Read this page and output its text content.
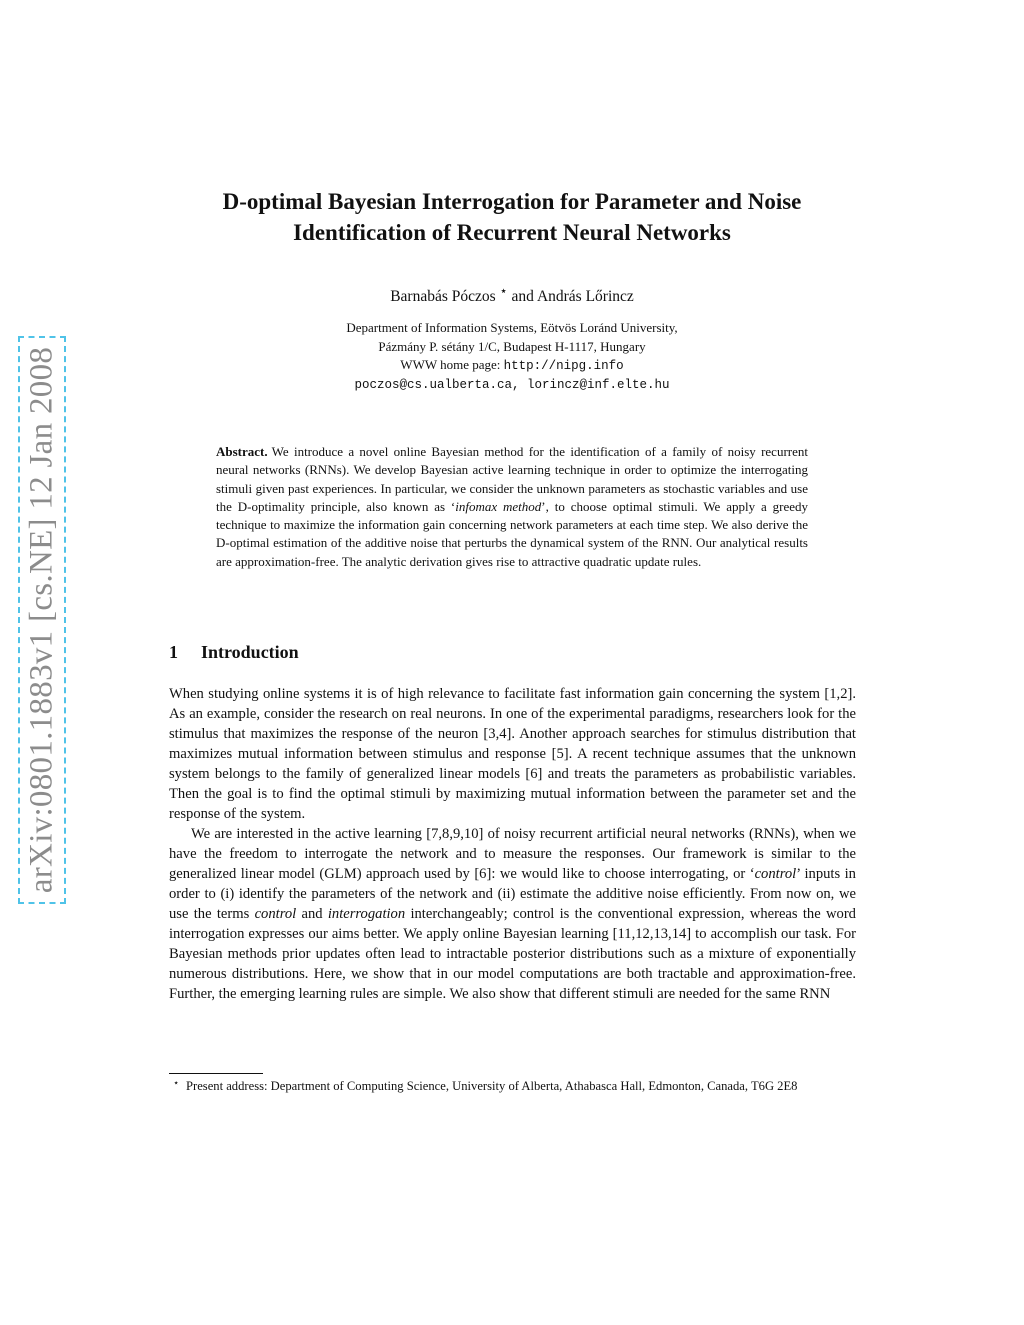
arXiv:0801.1883v1 [cs.NE] 12 Jan 2008
D-optimal Bayesian Interrogation for Parameter and Noise
Identification of Recurrent Neural Networks
Barnabás Póczos ⋆ and András Lőrincz
Department of Information Systems, Eötvös Loránd University,
Pázmány P. sétány 1/C, Budapest H-1117, Hungary
WWW home page: http://nipg.info
poczos@cs.ualberta.ca, lorincz@inf.elte.hu
Abstract. We introduce a novel online Bayesian method for the identification of a family of noisy recurrent neural networks (RNNs). We develop Bayesian active learning technique in order to optimize the interrogating stimuli given past experiences. In particular, we consider the unknown parameters as stochastic variables and use the D-optimality principle, also known as ‘infomax method’, to choose optimal stimuli. We apply a greedy technique to maximize the information gain concerning network parameters at each time step. We also derive the D-optimal estimation of the additive noise that perturbs the dynamical system of the RNN. Our analytical results are approximation-free. The analytic derivation gives rise to attractive quadratic update rules.
1 Introduction

When studying online systems it is of high relevance to facilitate fast information gain concerning the system [1,2]. As an example, consider the research on real neurons. In one of the experimental paradigms, researchers look for the stimulus that maximizes the response of the neuron [3,4]. Another approach searches for stimulus distribution that maximizes mutual information between stimulus and response [5]. A recent technique assumes that the unknown system belongs to the family of generalized linear models [6] and treats the parameters as probabilistic variables. Then the goal is to find the optimal stimuli by maximizing mutual information between the parameter set and the response of the system.

We are interested in the active learning [7,8,9,10] of noisy recurrent artificial neural networks (RNNs), when we have the freedom to interrogate the network and to measure the responses. Our framework is similar to the generalized linear model (GLM) approach used by [6]: we would like to choose interrogating, or ‘control’ inputs in order to (i) identify the parameters of the network and (ii) estimate the additive noise efficiently. From now on, we use the terms control and interrogation interchangeably; control is the conventional expression, whereas the word interrogation expresses our aims better. We apply online Bayesian learning [11,12,13,14] to accomplish our task. For Bayesian methods prior updates often lead to intractable posterior distributions such as a mixture of exponentially numerous distributions. Here, we show that in our model computations are both tractable and approximation-free. Further, the emerging learning rules are simple. We also show that different stimuli are needed for the same RNN

⋆ Present address: Department of Computing Science, University of Alberta, Athabasca Hall, Edmonton, Canada, T6G 2E8
